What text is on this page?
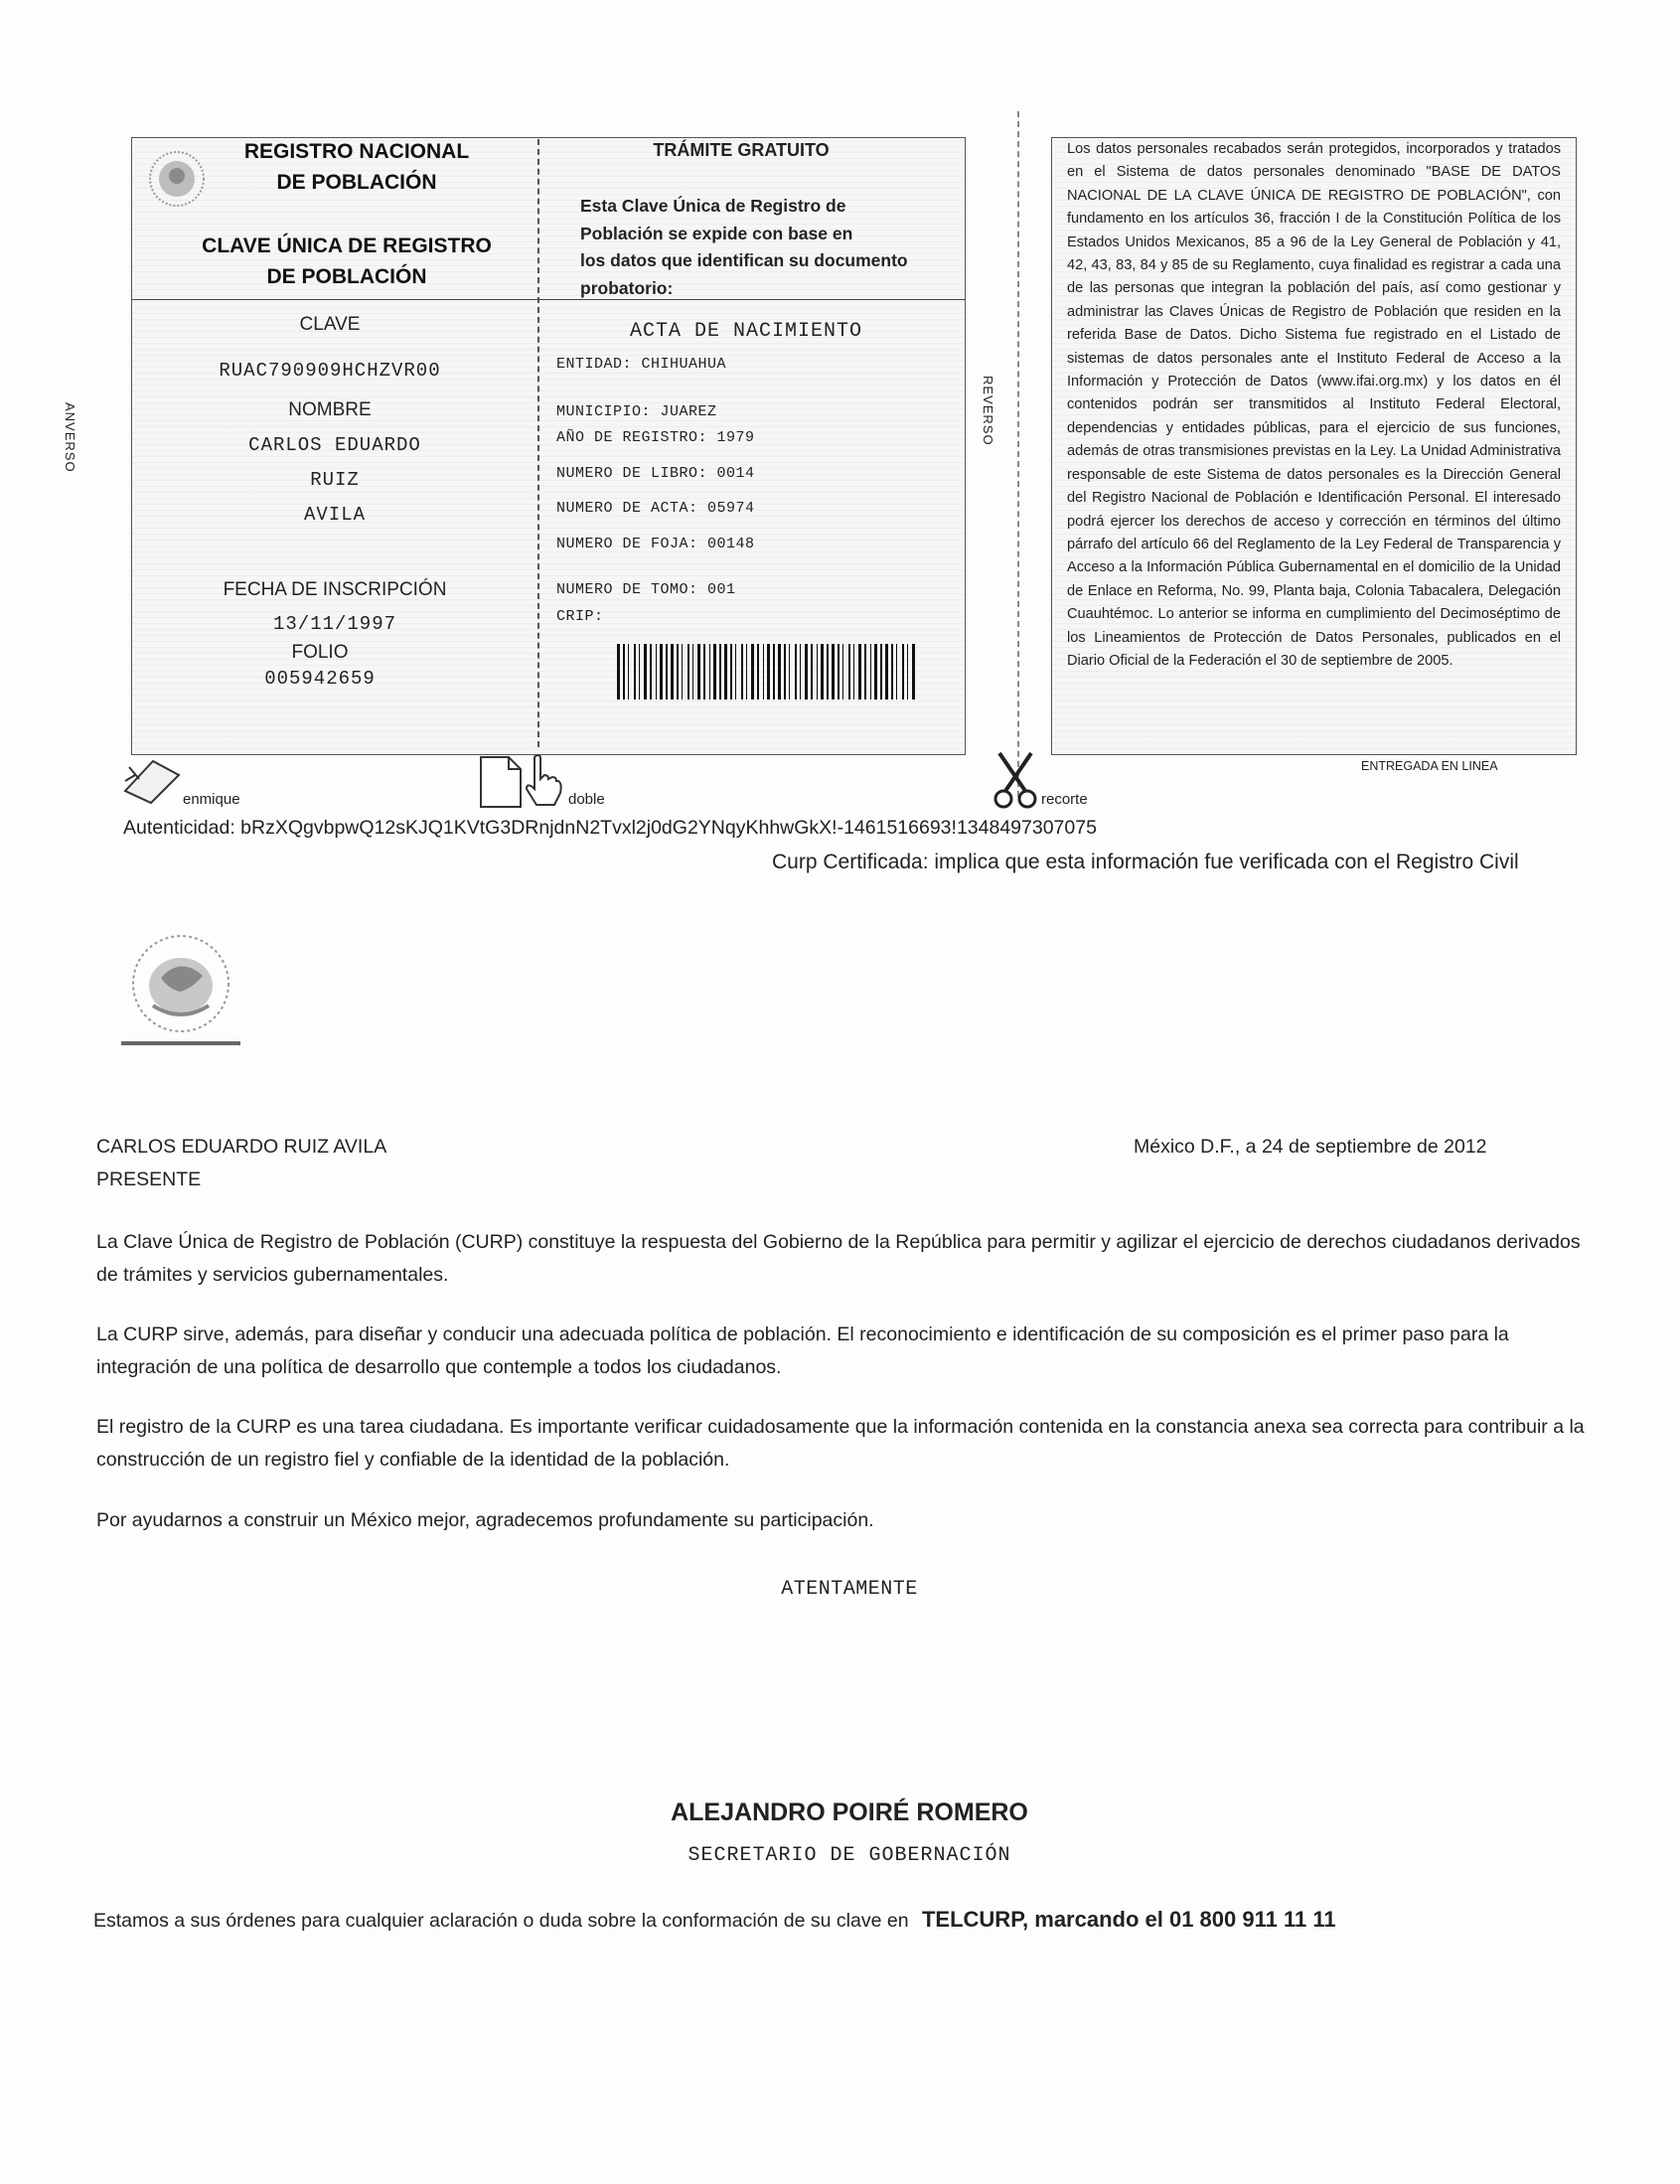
REGISTRO NACIONAL
DE POBLACIÓN
CLAVE ÚNICA DE REGISTRO
DE POBLACIÓN
TRÁMITE GRATUITO
Esta Clave Única de Registro de
Población se expide con base en
los datos que identifican su documento
probatorio:
CLAVE
RUAC790909HCHZVR00
NOMBRE
CARLOS EDUARDO
RUIZ
AVILA
FECHA DE INSCRIPCIÓN
13/11/1997
FOLIO
005942659
ACTA DE NACIMIENTO
ENTIDAD: CHIHUAHUA
MUNICIPIO: JUAREZ
AÑO DE REGISTRO: 1979
NUMERO DE LIBRO: 0014
NUMERO DE ACTA: 05974
NUMERO DE FOJA: 00148
NUMERO DE TOMO: 001
CRIP:
ANVERSO	REVERSO
Los datos personales recabados serán protegidos, incorporados y tratados en el Sistema de datos personales denominado "BASE DE DATOS NACIONAL DE LA CLAVE ÚNICA DE REGISTRO DE POBLACIÓN", con fundamento en los artículos 36, fracción I de la Constitución Política de los Estados Unidos Mexicanos, 85 a 96 de la Ley General de Población y 41, 42, 43, 83, 84 y 85 de su Reglamento, cuya finalidad es registrar a cada una de las personas que integran la población del país, así como gestionar y administrar las Claves Únicas de Registro de Población que residen en la referida Base de Datos. Dicho Sistema fue registrado en el Listado de sistemas de datos personales ante el Instituto Federal de Acceso a la Información y Protección de Datos (www.ifai.org.mx) y los datos en él contenidos podrán ser transmitidos al Instituto Federal Electoral, dependencias y entidades públicas, para el ejercicio de sus funciones, además de otras transmisiones previstas en la Ley. La Unidad Administrativa responsable de este Sistema de datos personales es la Dirección General del Registro Nacional de Población e Identificación Personal. El interesado podrá ejercer los derechos de acceso y corrección en términos del último párrafo del artículo 66 del Reglamento de la Ley Federal de Transparencia y Acceso a la Información Pública Gubernamental en el domicilio de la Unidad de Enlace en Reforma, No. 99, Planta baja, Colonia Tabacalera, Delegación Cuauhtémoc. Lo anterior se informa en cumplimiento del Decimoséptimo de los Lineamientos de Protección de Datos Personales, publicados en el Diario Oficial de la Federación el 30 de septiembre de 2005.
ENTREGADA EN LINEA
enmique	doble	recorte
Autenticidad: bRzXQgvbpwQ12sKJQ1KVtG3DRnjdnN2Tvxl2j0dG2YNqyKhhwGkX!-1461516693!1348497307075
Curp Certificada: implica que esta información fue verificada con el Registro Civil
CARLOS EDUARDO RUIZ AVILA
PRESENTE
México D.F., a 24 de septiembre de 2012
La Clave Única de Registro de Población (CURP) constituye la respuesta del Gobierno de la República para permitir y agilizar el ejercicio de derechos ciudadanos derivados de trámites y servicios gubernamentales.
La CURP sirve, además, para diseñar y conducir una adecuada política de población. El reconocimiento e identificación de su composición es el primer paso para la integración de una política de desarrollo que contemple a todos los ciudadanos.
El registro de la CURP es una tarea ciudadana. Es importante verificar cuidadosamente que la información contenida en la constancia anexa sea correcta para contribuir a la construcción de un registro fiel y confiable de la identidad de la población.
Por ayudarnos a construir un México mejor, agradecemos profundamente su participación.
ATENTAMENTE
ALEJANDRO POIRÉ ROMERO
SECRETARIO DE GOBERNACIÓN
Estamos a sus órdenes para cualquier aclaración o duda sobre la conformación de su clave en TELCURP, marcando el 01 800 911 11 11
